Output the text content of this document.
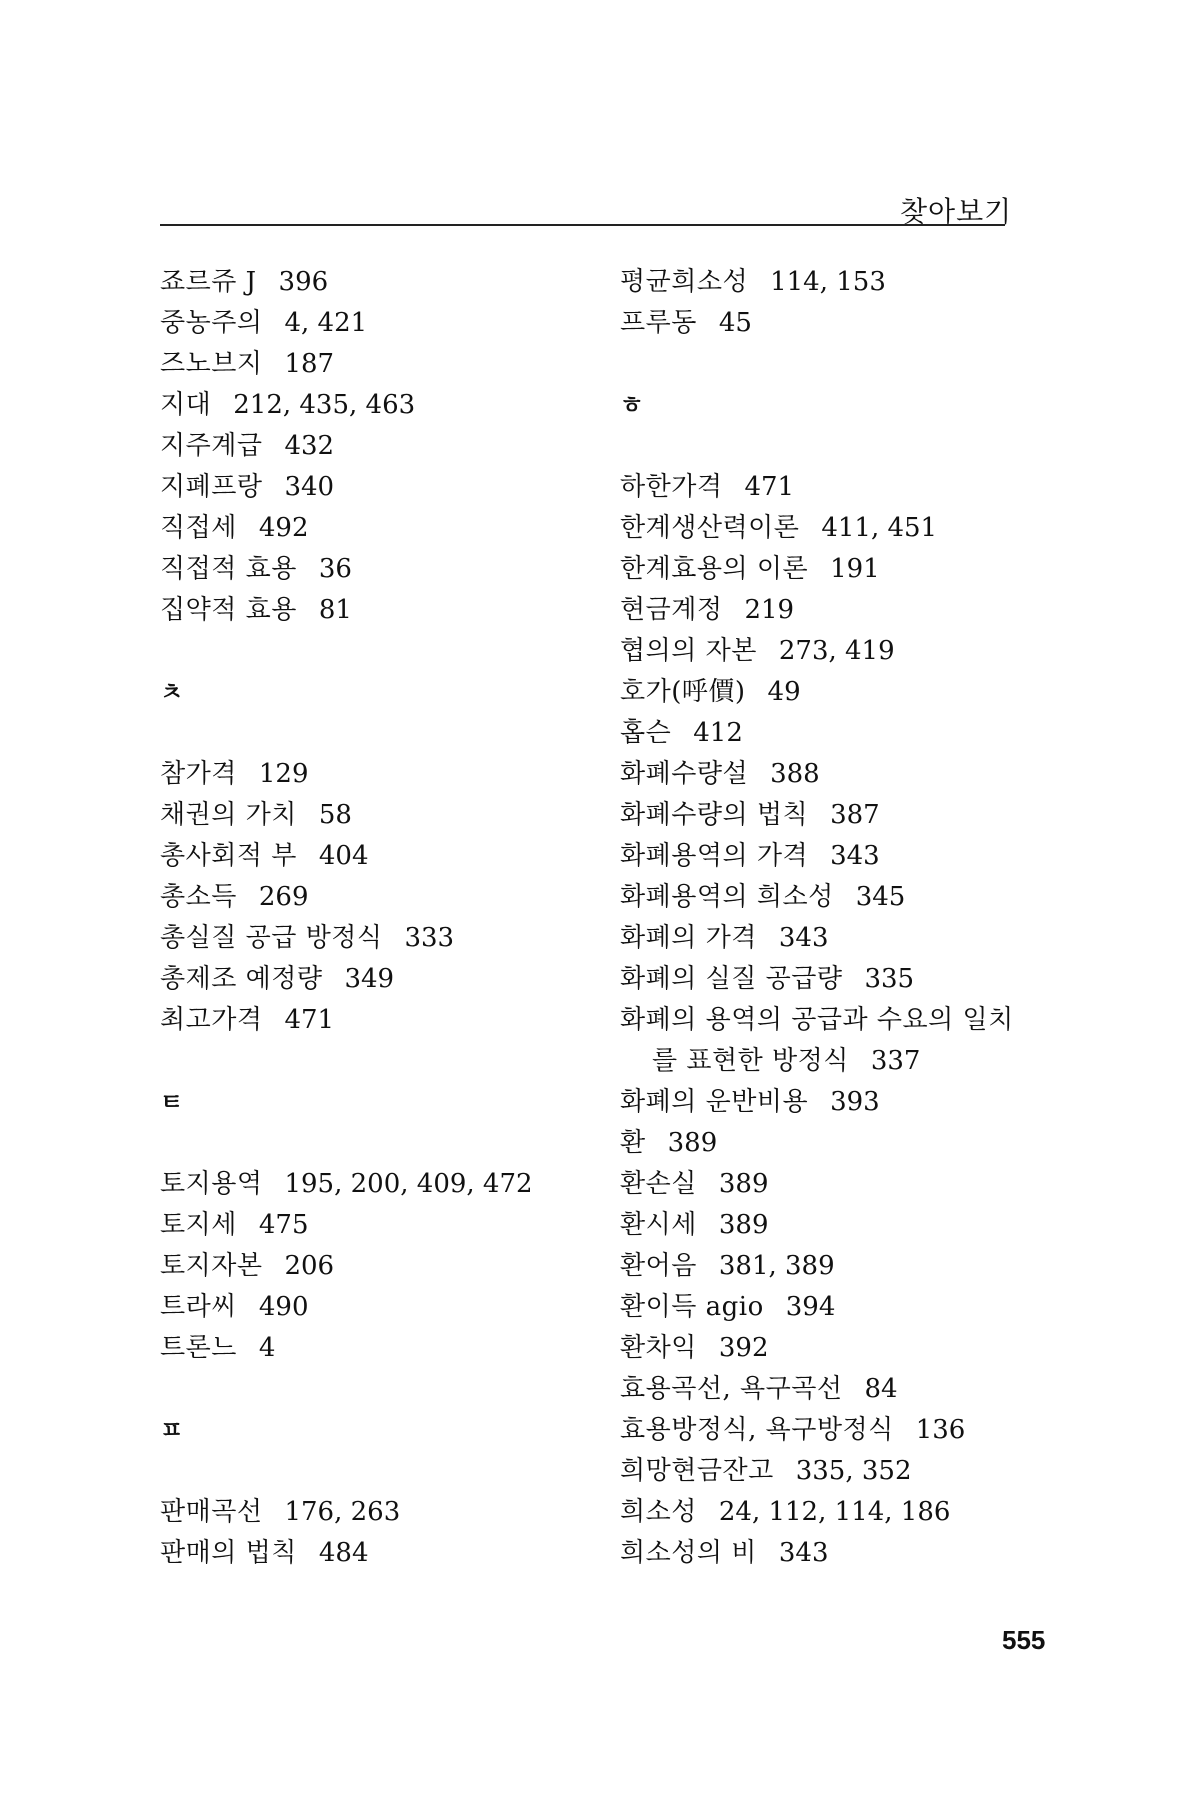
찾아보기
죠르쥬 J 396
중농주의 4, 421
즈노브지 187
지대 212, 435, 463
지주계급 432
지폐프랑 340
직접세 492
직접적 효용 36
집약적 효용 81
ㅊ
참가격 129
채권의 가치 58
총사회적 부 404
총소득 269
총실질 공급 방정식 333
총제조 예정량 349
최고가격 471
ㅌ
토지용역 195, 200, 409, 472
토지세 475
토지자본 206
트라씨 490
트론느 4
ㅍ
판매곡선 176, 263
판매의 법칙 484
평균희소성 114, 153
프루동 45
ㅎ
하한가격 471
한계생산력이론 411, 451
한계효용의 이론 191
현금계정 219
협의의 자본 273, 419
호가(呼價) 49
홉슨 412
화폐수량설 388
화폐수량의 법칙 387
화폐용역의 가격 343
화폐용역의 희소성 345
화폐의 가격 343
화폐의 실질 공급량 335
화폐의 용역의 공급과 수요의 일치
를 표현한 방정식 337
화폐의 운반비용 393
환 389
환손실 389
환시세 389
환어음 381, 389
환이득 agio 394
환차익 392
효용곡선, 욕구곡선 84
효용방정식, 욕구방정식 136
희망현금잔고 335, 352
희소성 24, 112, 114, 186
희소성의 비 343
555
